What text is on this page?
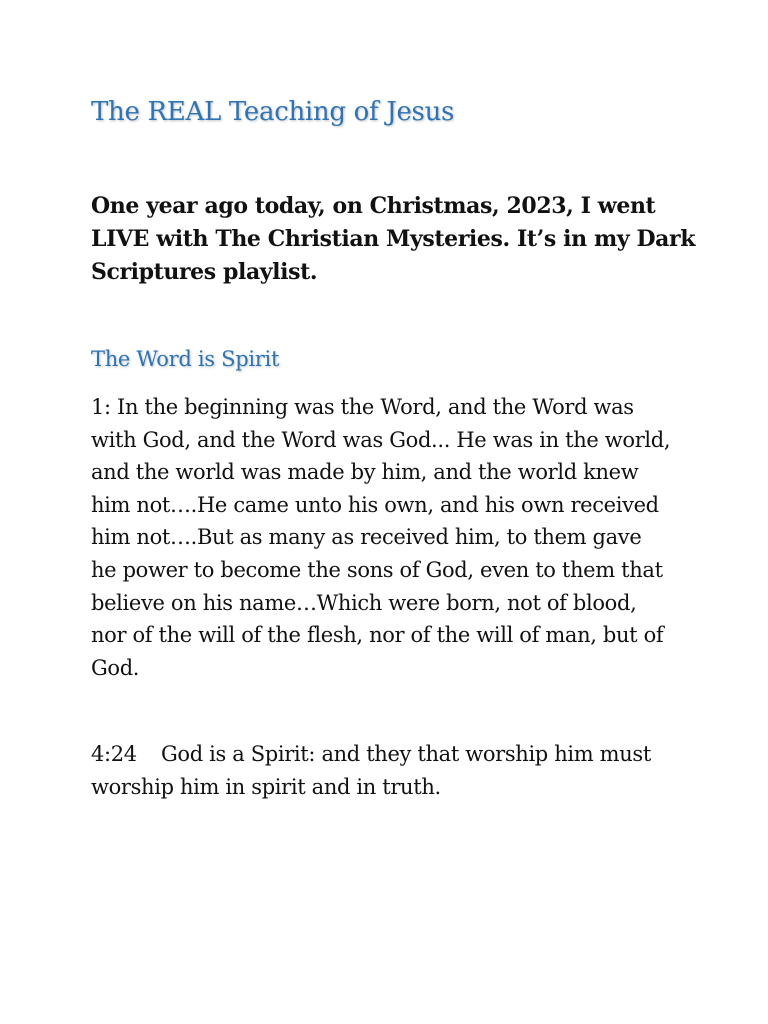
The REAL Teaching of Jesus

One year ago today, on Christmas, 2023, I went
LIVE with The Christian Mysteries. It’s in my Dark
Scriptures playlist.

The Word is Spirit

1: In the beginning was the Word, and the Word was
with God, and the Word was God... He was in the world,
and the world was made by him, and the world knew
him not….He came unto his own, and his own received
him not….But as many as received him, to them gave
he power to become the sons of God, even to them that
believe on his name…Which were born, not of blood,
nor of the will of the flesh, nor of the will of man, but of
God.

4:24 God is a Spirit: and they that worship him must
worship him in spirit and in truth.
